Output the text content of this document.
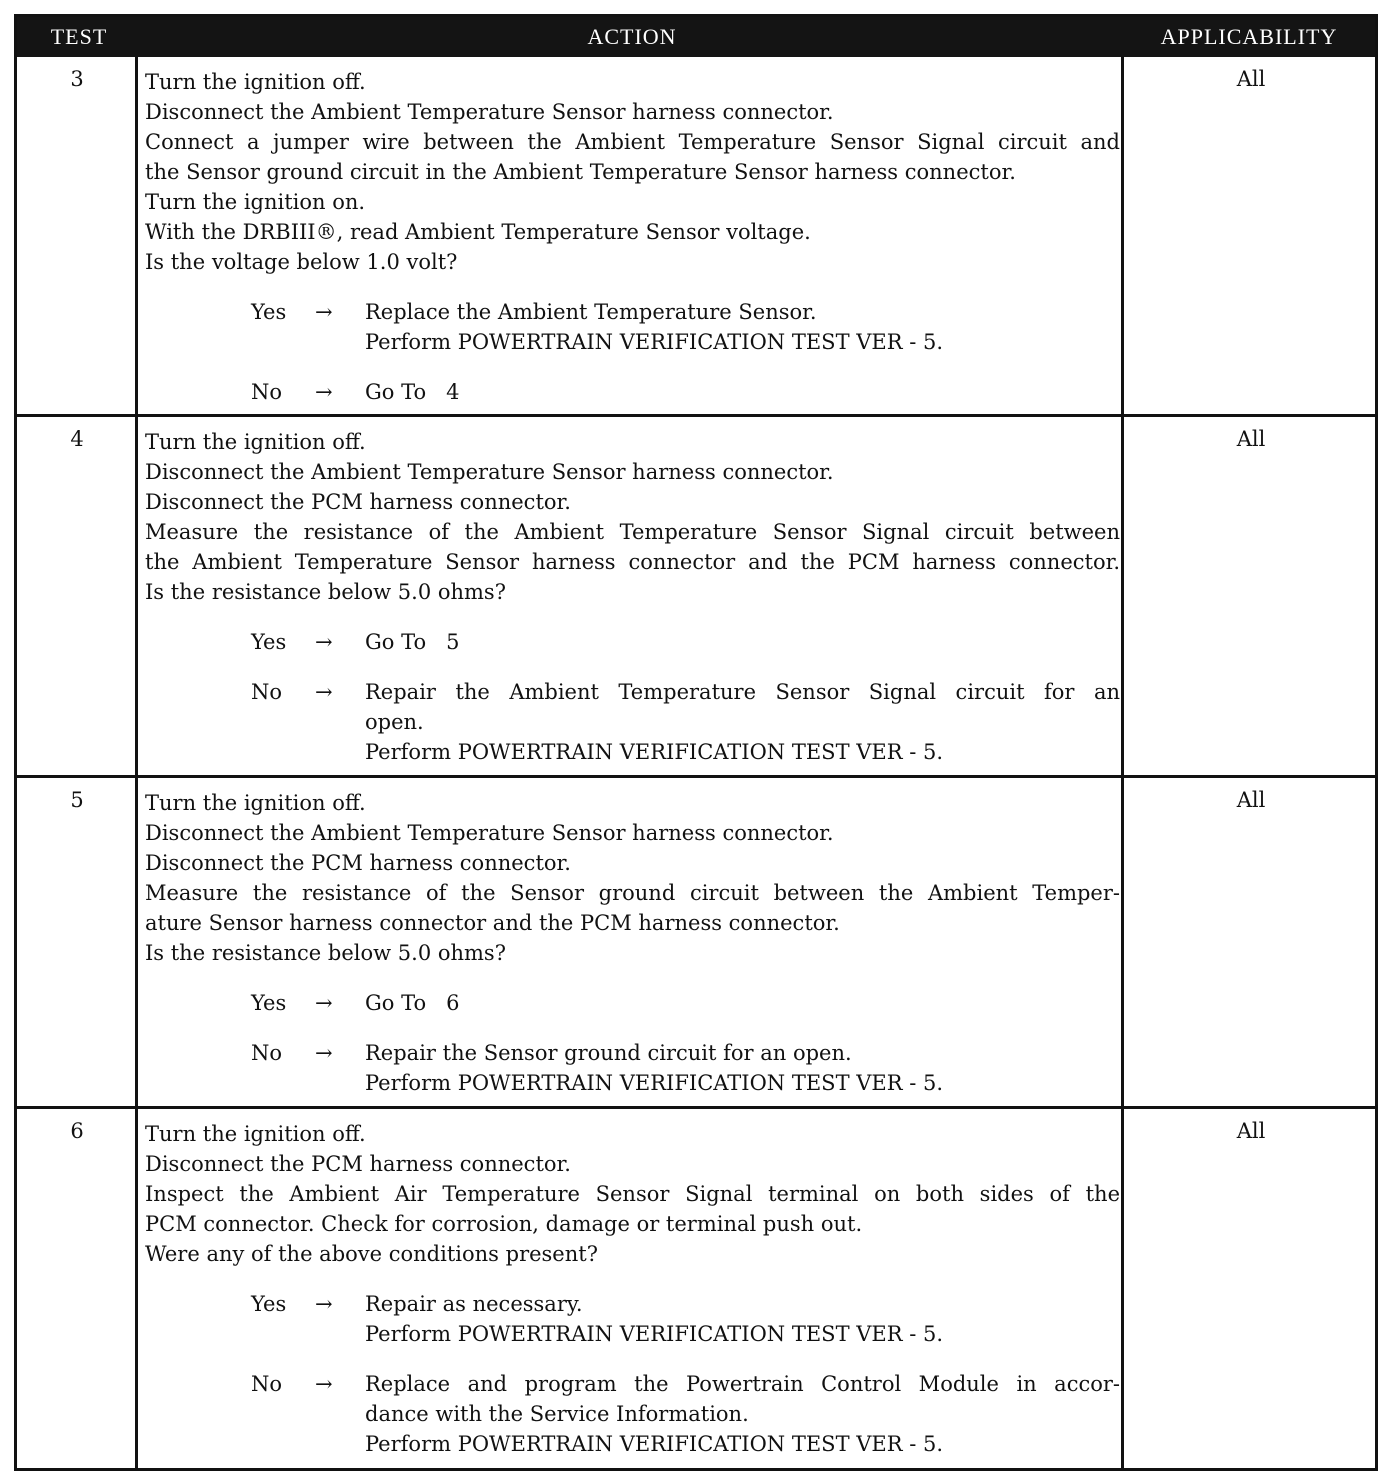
TEST	ACTION	APPLICABILITY
3	Turn the ignition off.
Disconnect the Ambient Temperature Sensor harness connector.
Connect a jumper wire between the Ambient Temperature Sensor Signal circuit and
the Sensor ground circuit in the Ambient Temperature Sensor harness connector.
Turn the ignition on.
With the DRBIII®, read Ambient Temperature Sensor voltage.
Is the voltage below 1.0 volt?
Yes → Replace the Ambient Temperature Sensor.
Perform POWERTRAIN VERIFICATION TEST VER - 5.
No → Go To   4
All
4	Turn the ignition off.
Disconnect the Ambient Temperature Sensor harness connector.
Disconnect the PCM harness connector.
Measure the resistance of the Ambient Temperature Sensor Signal circuit between
the Ambient Temperature Sensor harness connector and the PCM harness connector.
Is the resistance below 5.0 ohms?
Yes → Go To   5
No → Repair the Ambient Temperature Sensor Signal circuit for an
open.
Perform POWERTRAIN VERIFICATION TEST VER - 5.
All
5	Turn the ignition off.
Disconnect the Ambient Temperature Sensor harness connector.
Disconnect the PCM harness connector.
Measure the resistance of the Sensor ground circuit between the Ambient Temper-
ature Sensor harness connector and the PCM harness connector.
Is the resistance below 5.0 ohms?
Yes → Go To   6
No → Repair the Sensor ground circuit for an open.
Perform POWERTRAIN VERIFICATION TEST VER - 5.
All
6	Turn the ignition off.
Disconnect the PCM harness connector.
Inspect the Ambient Air Temperature Sensor Signal terminal on both sides of the
PCM connector. Check for corrosion, damage or terminal push out.
Were any of the above conditions present?
Yes → Repair as necessary.
Perform POWERTRAIN VERIFICATION TEST VER - 5.
No → Replace and program the Powertrain Control Module in accor-
dance with the Service Information.
Perform POWERTRAIN VERIFICATION TEST VER - 5.
All
